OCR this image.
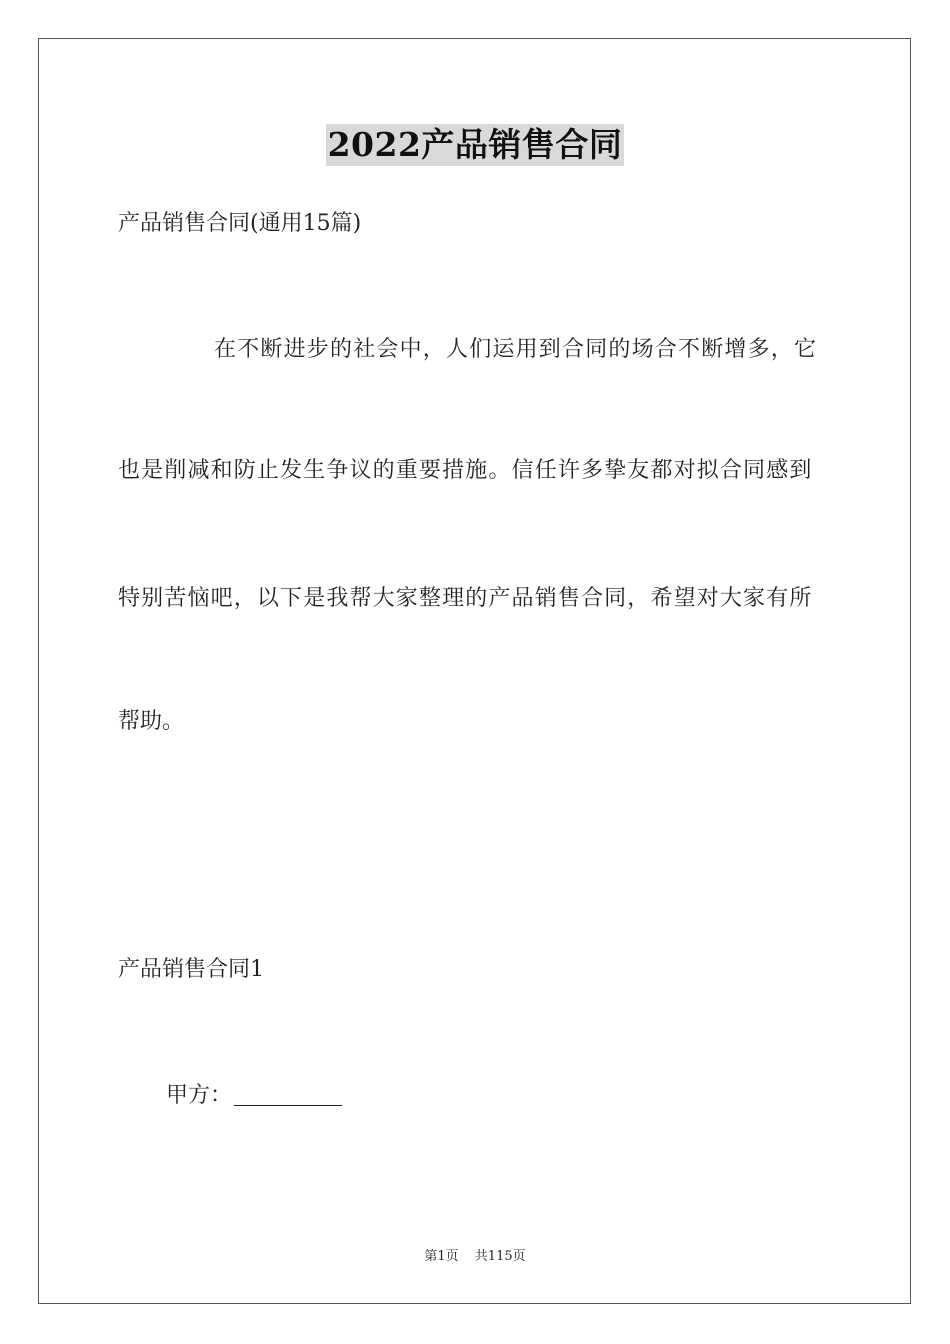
2022产品销售合同
产品销售合同(通用15篇)
在不断进步的社会中，人们运用到合同的场合不断增多，它
也是削减和防止发生争议的重要措施。信任许多挚友都对拟合同感到
特别苦恼吧，以下是我帮大家整理的产品销售合同，希望对大家有所
帮助。
产品销售合同1
甲方：
第1页 共115页
